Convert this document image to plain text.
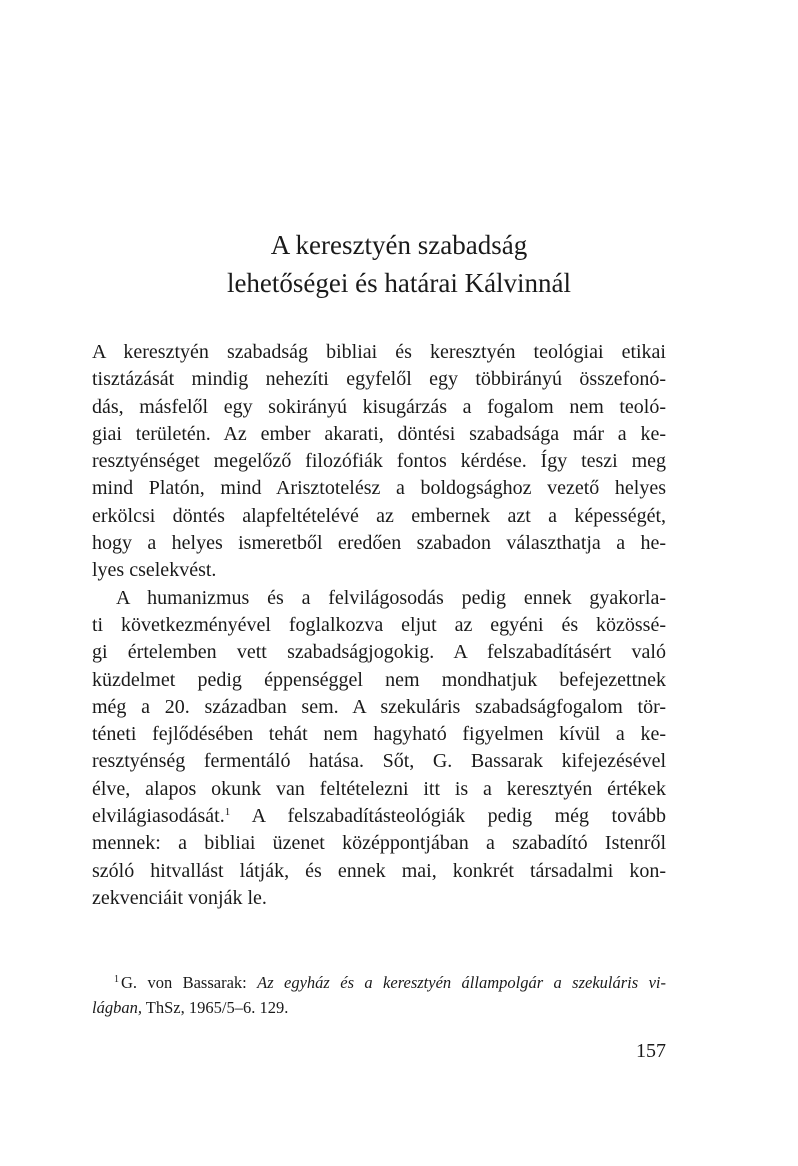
A keresztyén szabadság
lehetőségei és határai Kálvinnál
A keresztyén szabadság bibliai és keresztyén teológiai etikai
tisztázását mindig nehezíti egyfelől egy többirányú összefonó-
dás, másfelől egy sokirányú kisugárzás a fogalom nem teoló-
giai területén. Az ember akarati, döntési szabadsága már a ke-
resztyénséget megelőző filozófiák fontos kérdése. Így teszi meg
mind Platón, mind Arisztotelész a boldogsághoz vezető helyes
erkölcsi döntés alapfeltételévé az embernek azt a képességét,
hogy a helyes ismeretből eredően szabadon választhatja a he-
lyes cselekvést.
A humanizmus és a felvilágosodás pedig ennek gyakorla-
ti következményével foglalkozva eljut az egyéni és közössé-
gi értelemben vett szabadságjogokig. A felszabadításért való
küzdelmet pedig éppenséggel nem mondhatjuk befejezettnek
még a 20. században sem. A szekuláris szabadságfogalom tör-
téneti fejlődésében tehát nem hagyható figyelmen kívül a ke-
resztyénség fermentáló hatása. Sőt, G. Bassarak kifejezésével
élve, alapos okunk van feltételezni itt is a keresztyén értékek
elvilágiasodását.$^1$ A felszabadításteológiák pedig még tovább
mennek: a bibliai üzenet középpontjában a szabadító Istenről
szóló hitvallást látják, és ennek mai, konkrét társadalmi kon-
zekvenciáit vonják le.
$^1$ G. von Bassarak: Az egyház és a keresztyén állampolgár a szekuláris vi-
lágban, ThSz, 1965/5–6. 129.
157
